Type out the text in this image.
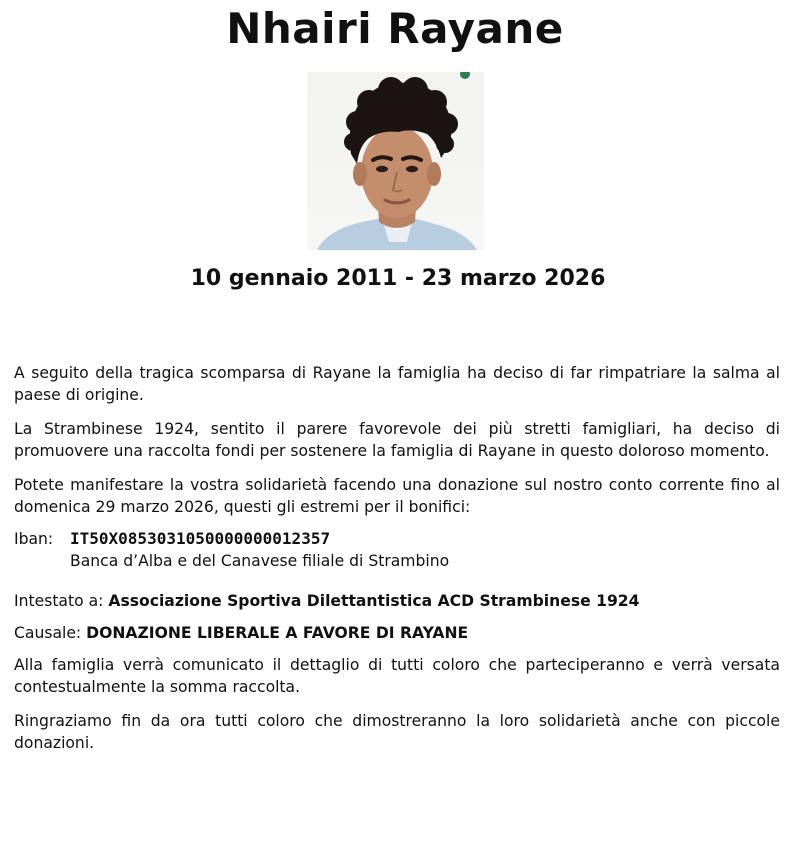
Nhairi Rayane
10 gennaio 2011 - 23 marzo 2026

A seguito della tragica scomparsa di Rayane la famiglia ha deciso di far rimpatriare la salma al paese di origine.

La Strambinese 1924, sentito il parere favorevole dei più stretti famigliari, ha deciso di promuovere una raccolta fondi per sostenere la famiglia di Rayane in questo doloroso momento.

Potete manifestare la vostra solidarietà facendo una donazione sul nostro conto corrente fino al domenica 29 marzo 2026, questi gli estremi per il bonifici:

Iban:	IT50X0853031050000000012357
Banca d’Alba e del Canavese filiale di Strambino
Intestato a: Associazione Sportiva Dilettantistica ACD Strambinese 1924
Causale: DONAZIONE LIBERALE A FAVORE DI RAYANE

Alla famiglia verrà comunicato il dettaglio di tutti coloro che parteciperanno e verrà versata contestualmente la somma raccolta.

Ringraziamo fin da ora tutti coloro che dimostreranno la loro solidarietà anche con piccole donazioni.
